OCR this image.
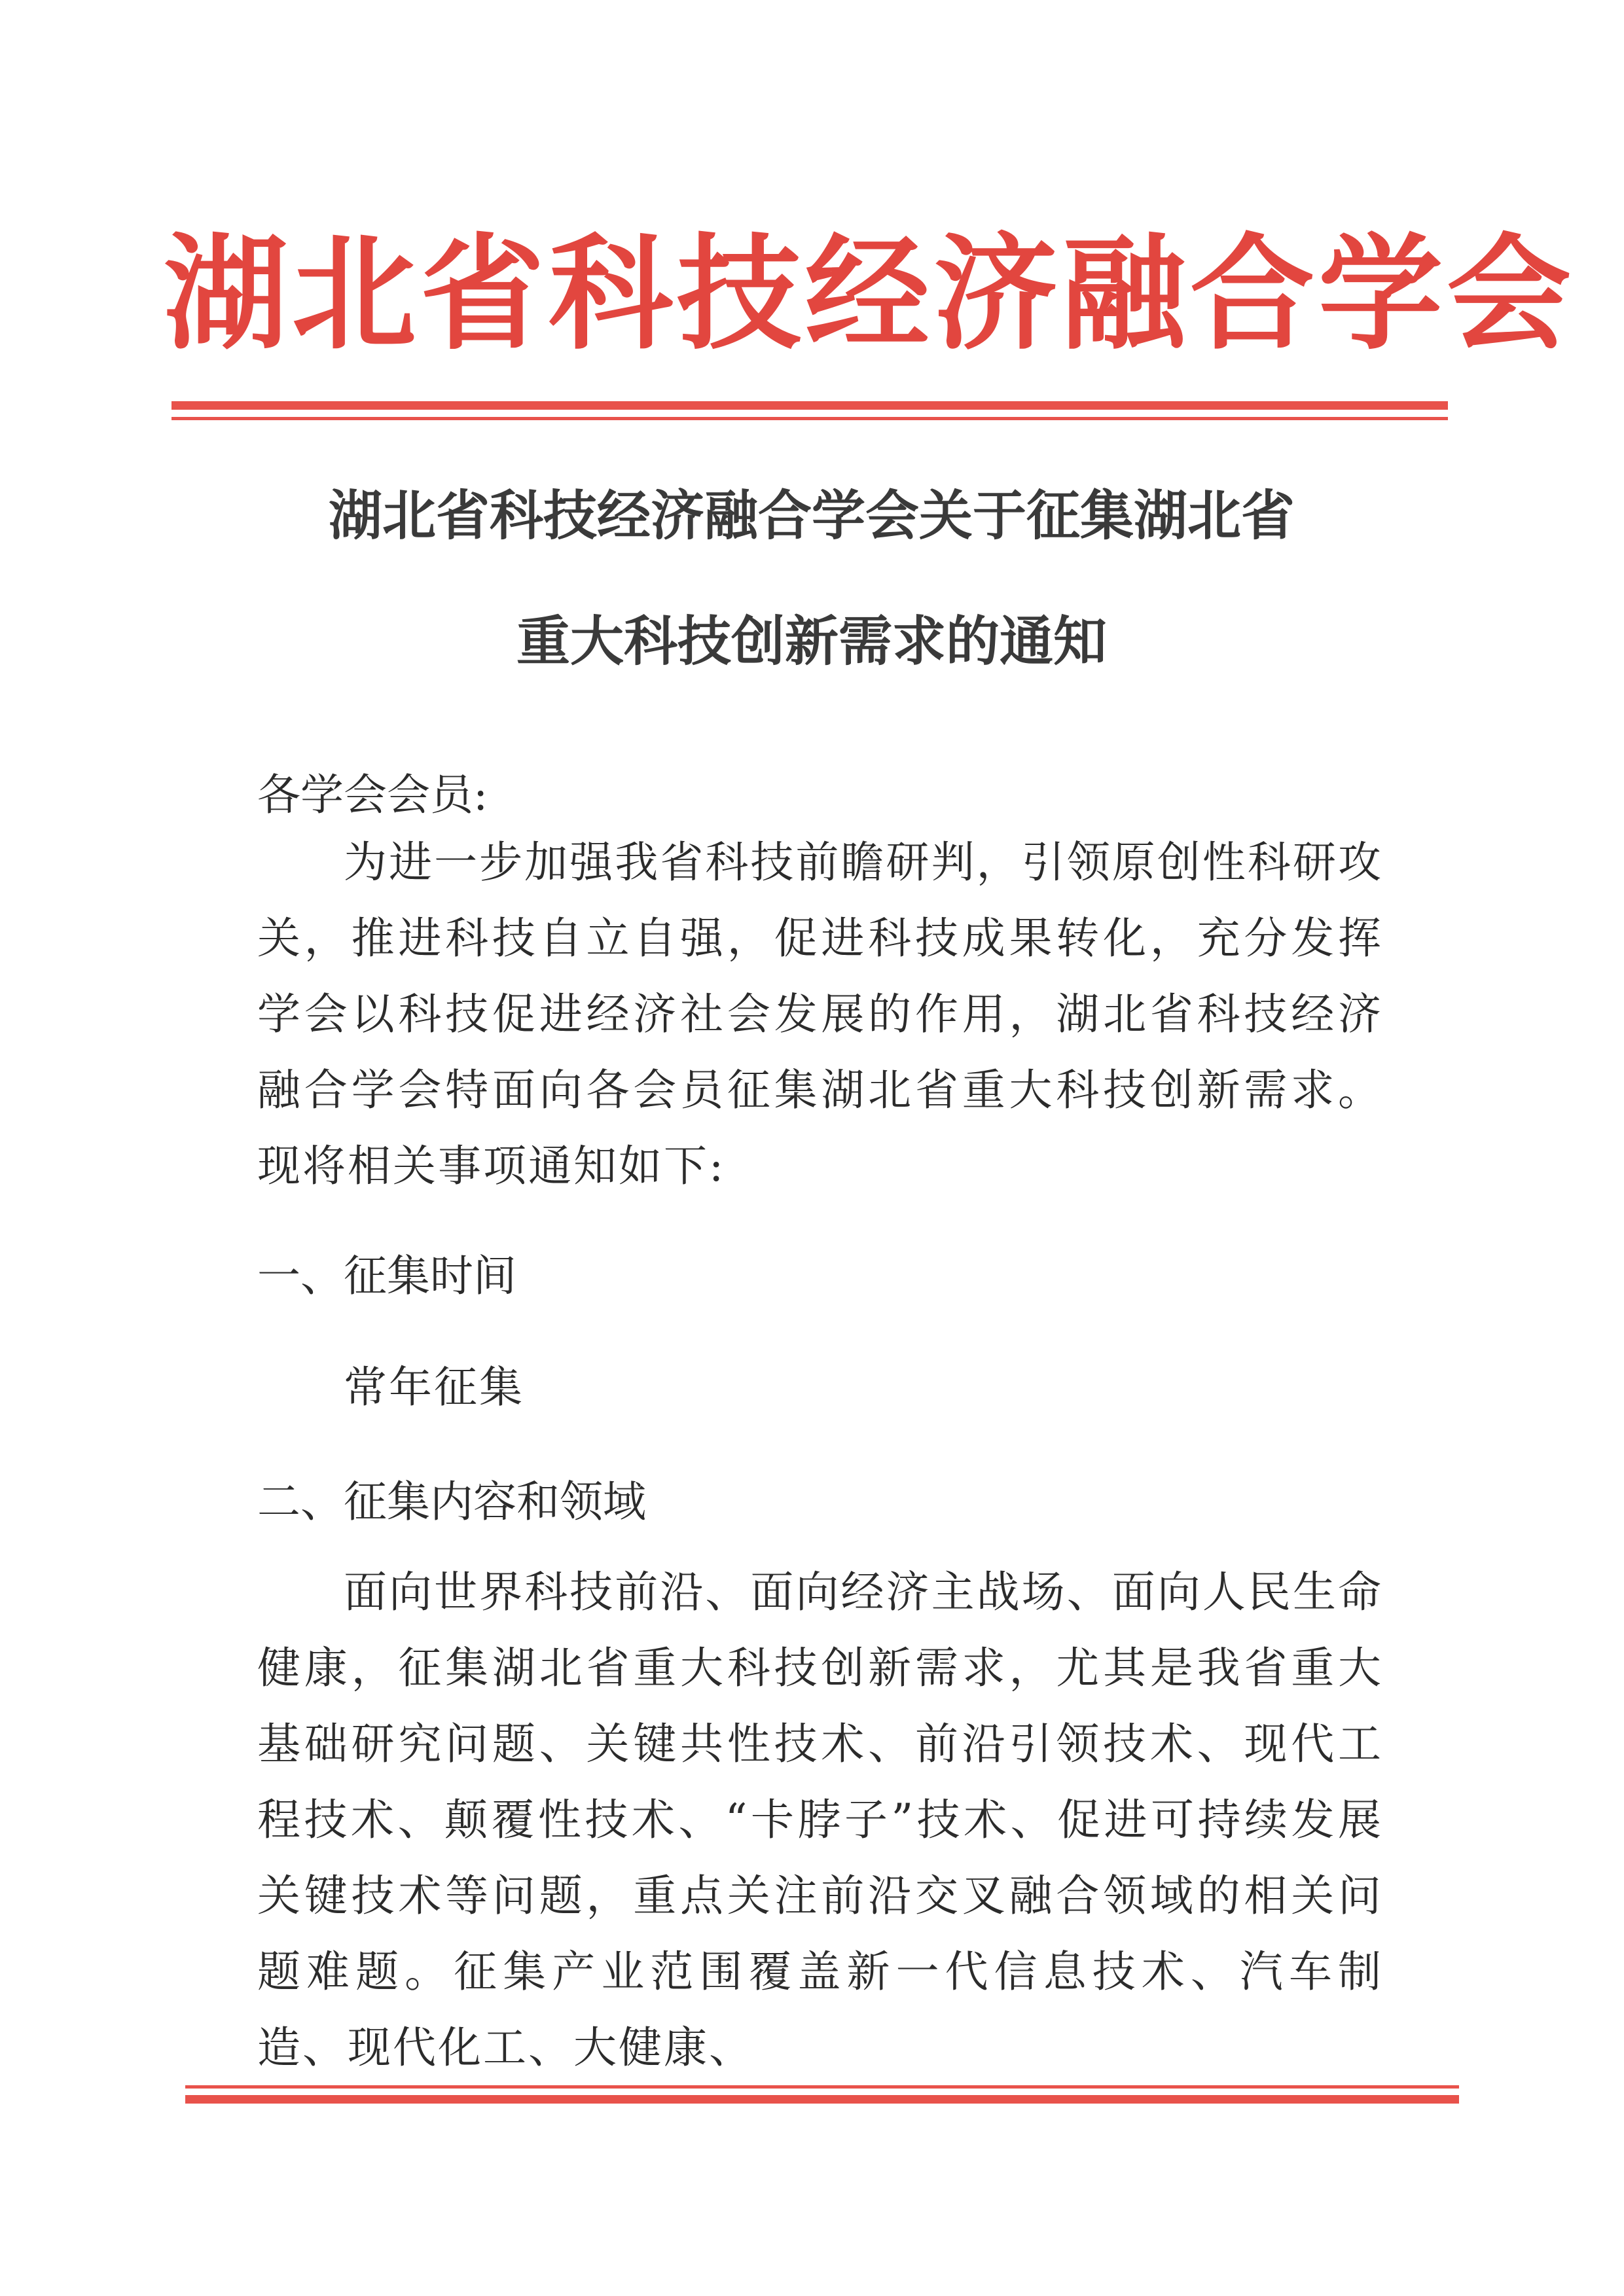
湖北省科技经济融合学会
湖北省科技经济融合学会关于征集湖北省
重大科技创新需求的通知
各学会会员:
为进一步加强我省科技前瞻研判，引领原创性科研攻关，推进科技自立自强，促进科技成果转化，充分发挥学会以科技促进经济社会发展的作用，湖北省科技经济融合学会特面向各会员征集湖北省重大科技创新需求。现将相关事项通知如下:
一、征集时间
常年征集
二、征集内容和领域
面向世界科技前沿、面向经济主战场、面向人民生命健康，征集湖北省重大科技创新需求，尤其是我省重大基础研究问题、关键共性技术、前沿引领技术、现代工程技术、颠覆性技术、“卡脖子”技术、促进可持续发展关键技术等问题，重点关注前沿交叉融合领域的相关问题难题。征集产业范围覆盖新一代信息技术、汽车制造、现代化工、大健康、
